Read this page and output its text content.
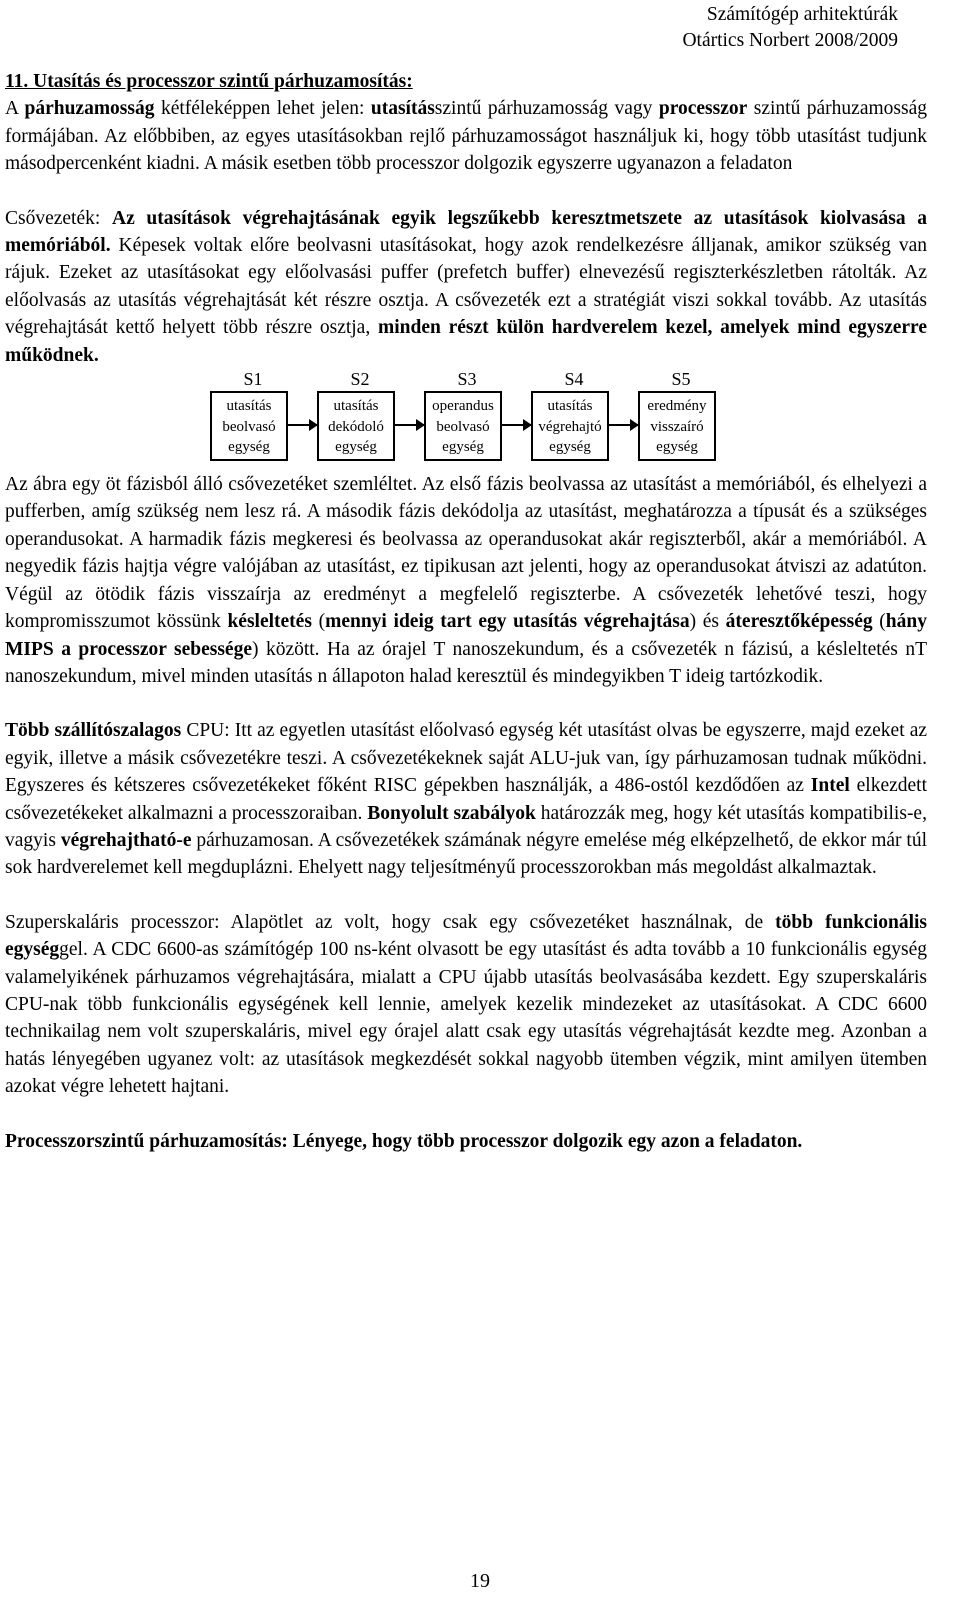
Számítógép arhitektúrák
Otártics Norbert 2008/2009

11. Utasítás és processzor szintű párhuzamosítás:

A párhuzamosság kétféleképpen lehet jelen: utasításszintű párhuzamosság vagy processzor szintű párhuzamosság formájában. Az előbbiben, az egyes utasításokban rejlő párhuzamosságot használjuk ki, hogy több utasítást tudjunk másodpercenként kiadni. A másik esetben több processzor dolgozik egyszerre ugyanazon a feladaton

Csővezeték: Az utasítások végrehajtásának egyik legszűkebb keresztmetszete az utasítások kiolvasása a memóriából. Képesek voltak előre beolvasni utasításokat, hogy azok rendelkezésre álljanak, amikor szükség van rájuk. Ezeket az utasításokat egy előolvasási puffer (prefetch buffer) elnevezésű regiszterkészletben rátolták. Az előolvasás az utasítás végrehajtását két részre osztja. A csővezeték ezt a stratégiát viszi sokkal tovább. Az utasítás végrehajtását kettő helyett több részre osztja, minden részt külön hardverelem kezel, amelyek mind egyszerre működnek.

S1	S2	S3	S4	S5
utasítás
beolvasó
egység
utasítás
dekódoló
egység
operandus
beolvasó
egység
utasítás
végrehajtó
egység
eredmény
visszaíró
egység

Az ábra egy öt fázisból álló csővezetéket szemléltet. Az első fázis beolvassa az utasítást a memóriából, és elhelyezi a pufferben, amíg szükség nem lesz rá. A második fázis dekódolja az utasítást, meghatározza a típusát és a szükséges operandusokat. A harmadik fázis megkeresi és beolvassa az operandusokat akár regiszterből, akár a memóriából. A negyedik fázis hajtja végre valójában az utasítást, ez tipikusan azt jelenti, hogy az operandusokat átviszi az adatúton. Végül az ötödik fázis visszaírja az eredményt a megfelelő regiszterbe. A csővezeték lehetővé teszi, hogy kompromisszumot kössünk késleltetés (mennyi ideig tart egy utasítás végrehajtása) és áteresztőképesség (hány MIPS a processzor sebessége) között. Ha az órajel T nanoszekundum, és a csővezeték n fázisú, a késleltetés nT nanoszekundum, mivel minden utasítás n állapoton halad keresztül és mindegyikben T ideig tartózkodik.

Több szállítószalagos CPU: Itt az egyetlen utasítást előolvasó egység két utasítást olvas be egyszerre, majd ezeket az egyik, illetve a másik csővezetékre teszi. A csővezetékeknek saját ALU-juk van, így párhuzamosan tudnak működni. Egyszeres és kétszeres csővezetékeket főként RISC gépekben használják, a 486-ostól kezdődően az Intel elkezdett csővezetékeket alkalmazni a processzoraiban. Bonyolult szabályok határozzák meg, hogy két utasítás kompatibilis-e, vagyis végrehajtható-e párhuzamosan. A csővezetékek számának négyre emelése még elképzelhető, de ekkor már túl sok hardverelemet kell megduplázni. Ehelyett nagy teljesítményű processzorokban más megoldást alkalmaztak.

Szuperskaláris processzor: Alapötlet az volt, hogy csak egy csővezetéket használnak, de több funkcionális egységgel. A CDC 6600-as számítógép 100 ns-ként olvasott be egy utasítást és adta tovább a 10 funkcionális egység valamelyikének párhuzamos végrehajtására, mialatt a CPU újabb utasítás beolvasásába kezdett. Egy szuperskaláris CPU-nak több funkcionális egységének kell lennie, amelyek kezelik mindezeket az utasításokat. A CDC 6600 technikailag nem volt szuperskaláris, mivel egy órajel alatt csak egy utasítás végrehajtását kezdte meg. Azonban a hatás lényegében ugyanez volt: az utasítások megkezdését sokkal nagyobb ütemben végzik, mint amilyen ütemben azokat végre lehetett hajtani.

Processzorszintű párhuzamosítás: Lényege, hogy több processzor dolgozik egy azon a feladaton.

19
